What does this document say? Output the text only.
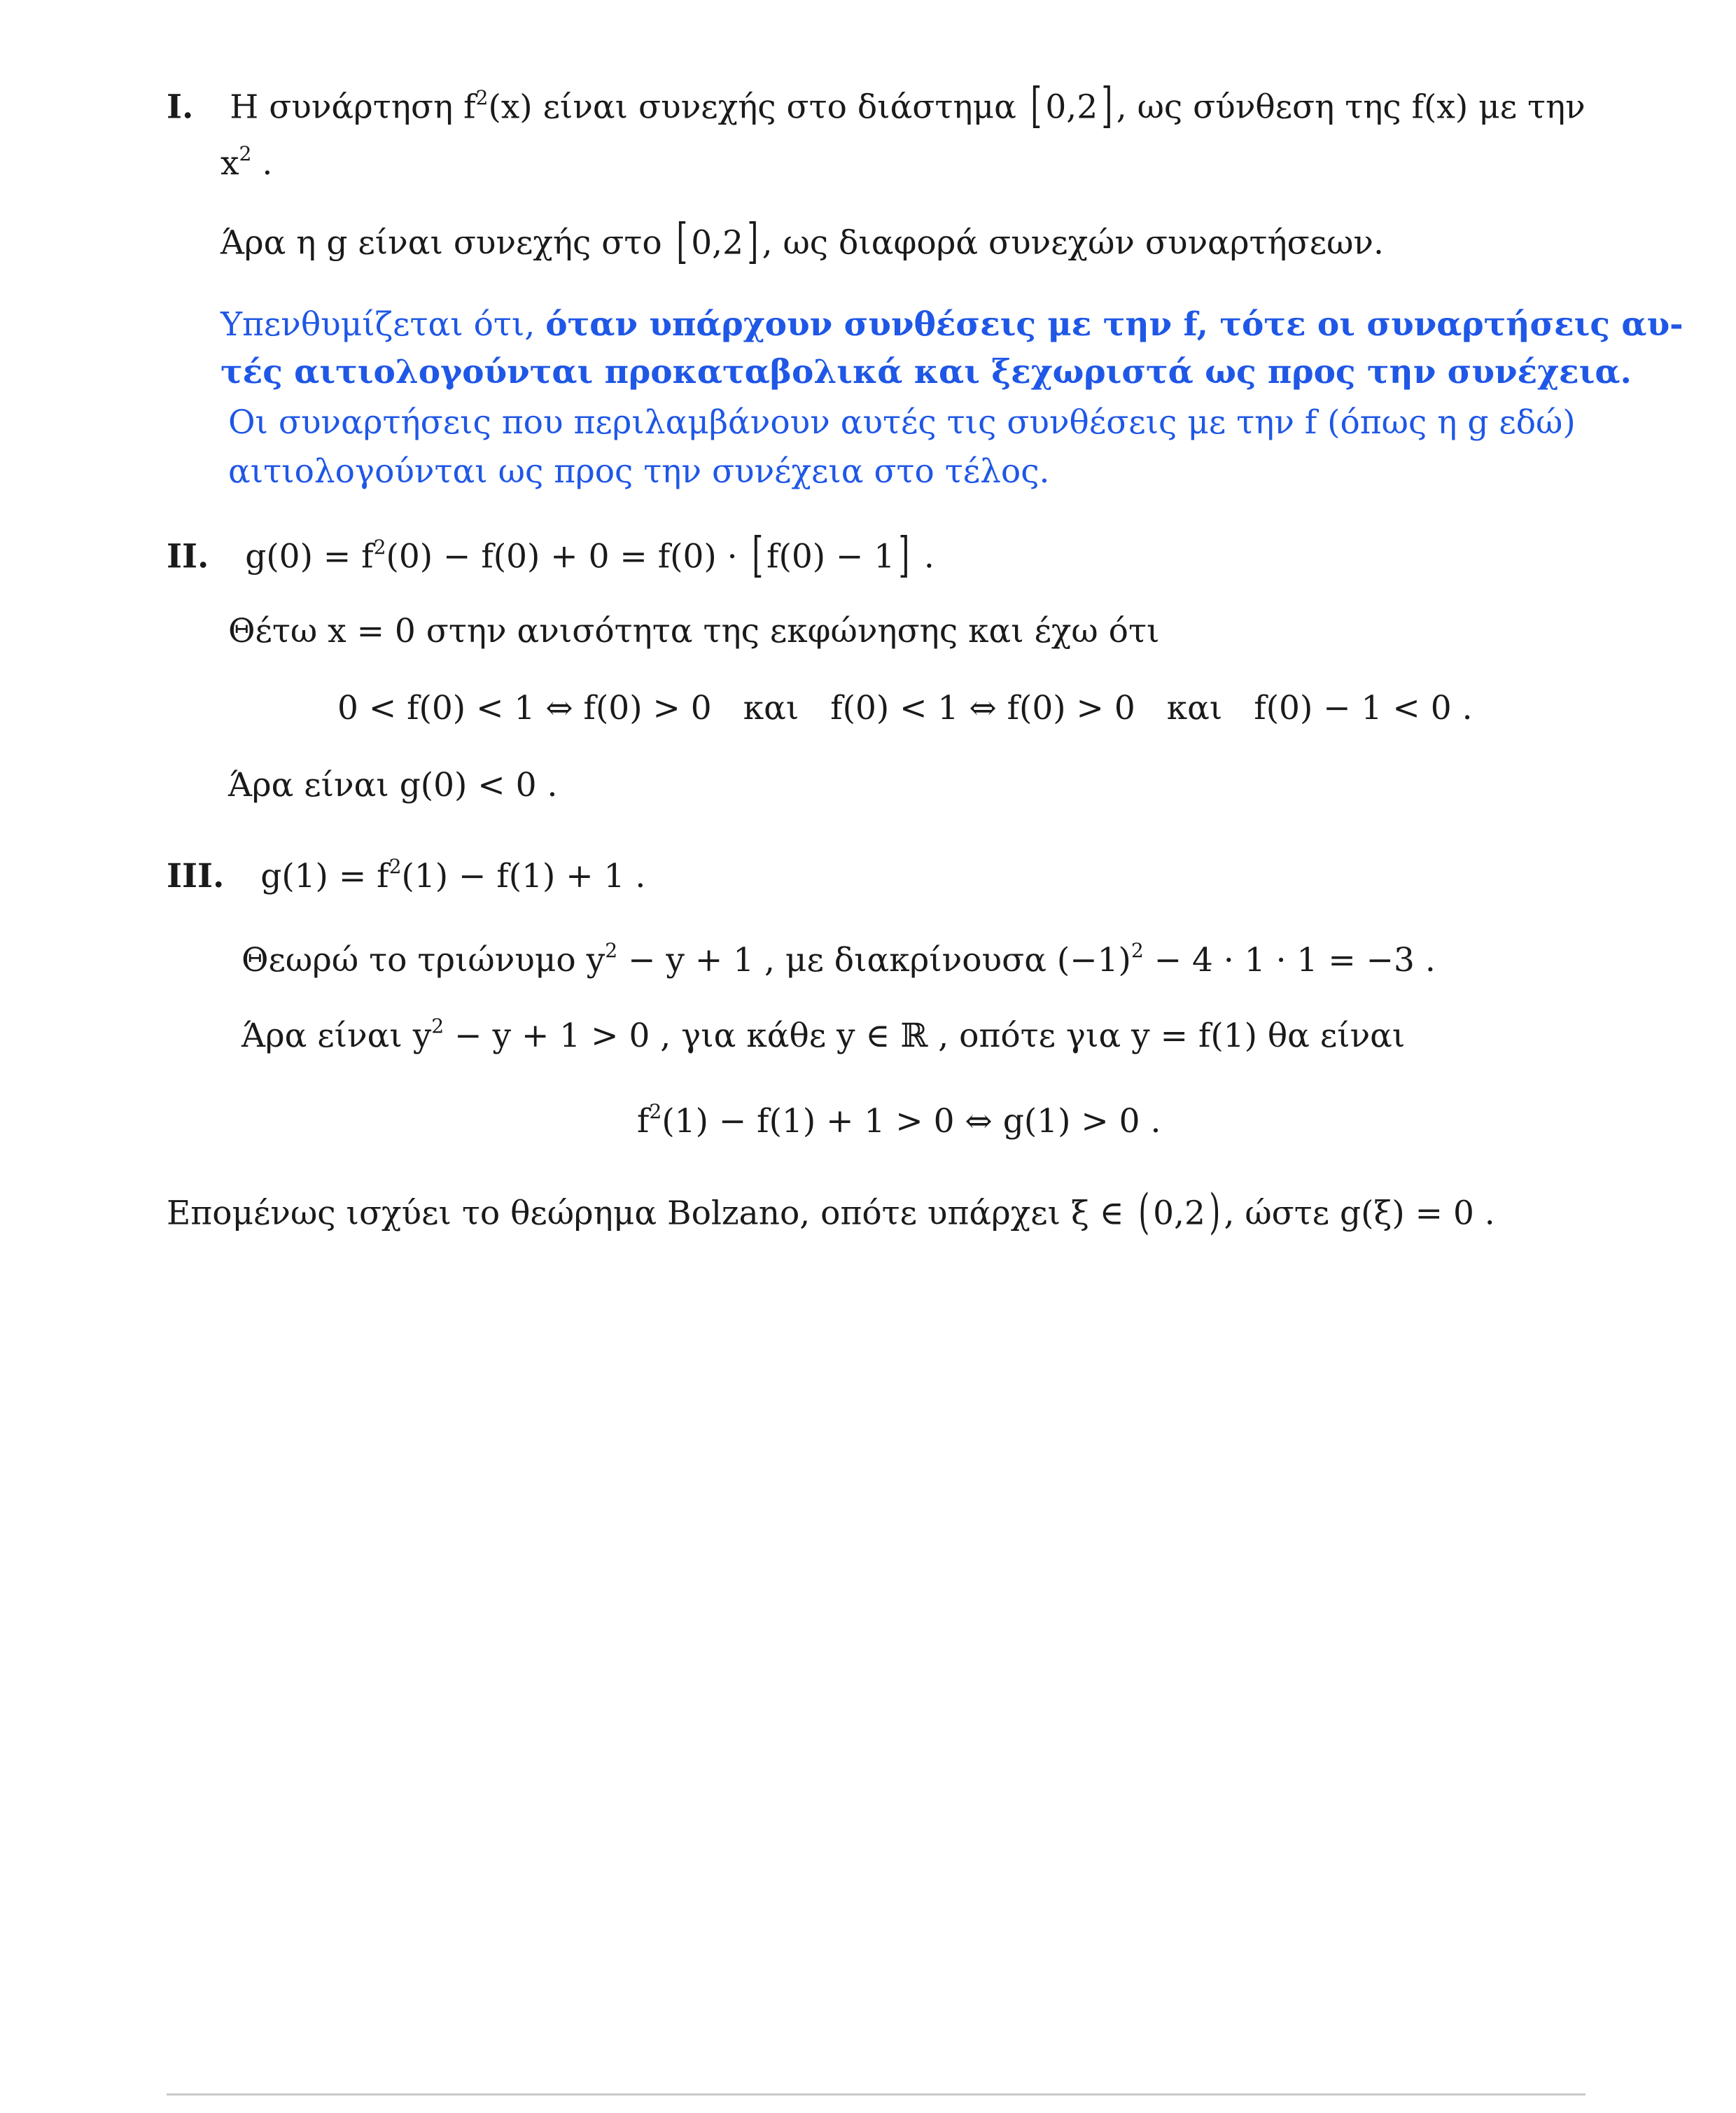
I. Η συνάρτηση $f^2(x)$ είναι συνεχής στο διάστημα [ 0,2] , ως σύνθεση της f(x) με την
$x^2$ .
Άρα η g είναι συνεχής στο [ 0,2] , ως διαφορά συνεχών συναρτήσεων.
Υπενθυμίζεται ότι, όταν υπάρχουν συνθέσεις με την f, τότε οι συναρτήσεις αυ-
τές αιτιολογούνται προκαταβολικά και ξεχωριστά ως προς την συνέχεια.
Οι συναρτήσεις που περιλαμβάνουν αυτές τις συνθέσεις με την f (όπως η g εδώ)
αιτιολογούνται ως προς την συνέχεια στο τέλος.
II. $g(0) = f^2(0) - f(0) + 0 = f(0)$ · [ f(0) − 1] .
Θέτω x = 0 στην ανισότητα της εκφώνησης και έχω ότι
0 < f(0) < 1 ⇔ f(0) > 0 και f(0) < 1 ⇔ f(0) > 0 και f(0) − 1 < 0 .
Άρα είναι g(0) < 0 .
III. $g(1) = f^2(1) - f(1) + 1$ .
Θεωρώ το τριώνυμο $y^2 - y + 1$ , με διακρίνουσα $(-1)^2 - 4 \cdot 1 \cdot 1 = -3$ .
Άρα είναι $y^2 - y + 1 > 0$ , για κάθε y ∈ ℝ , οπότε για y = f(1) θα είναι
$f^2(1) - f(1) + 1 > 0$ ⇔ g(1) > 0 .
Επομένως ισχύει το θεώρημα Bolzano, οπότε υπάρχει ξ ∈ ( 0,2) , ώστε g(ξ) = 0 .
